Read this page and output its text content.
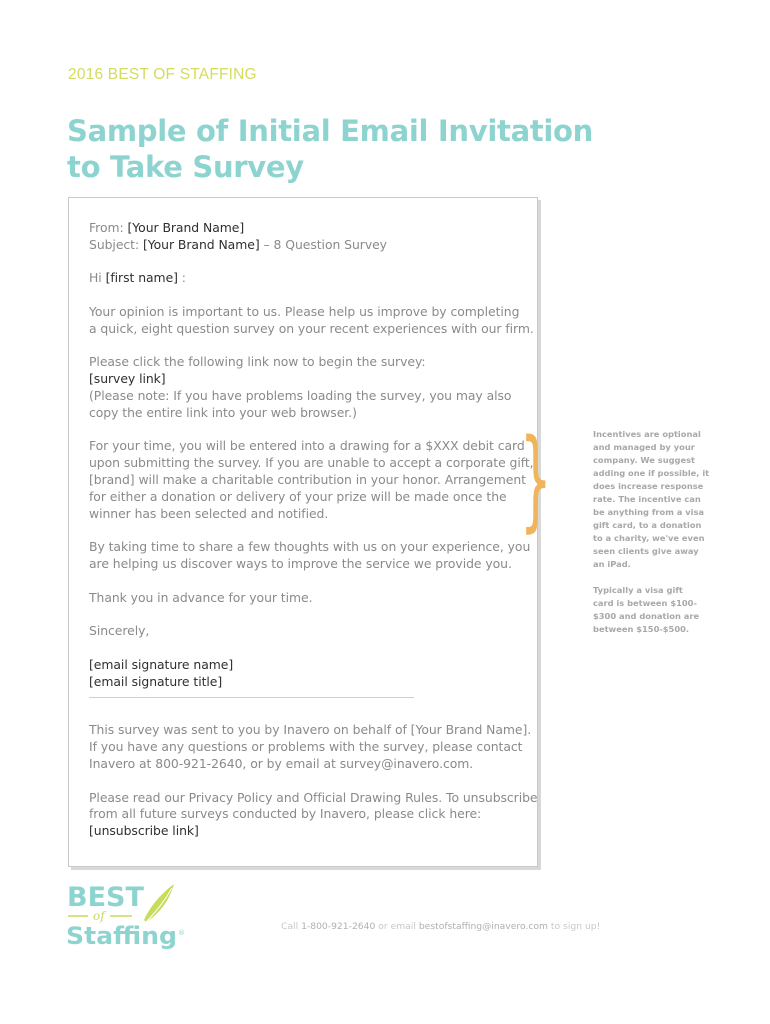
2016 BEST OF STAFFING
Sample of Initial Email Invitation
to Take Survey
From: [Your Brand Name]
Subject: [Your Brand Name] – 8 Question Survey
Hi [first name] :
Your opinion is important to us. Please help us improve by completing
a quick, eight question survey on your recent experiences with our firm.
Please click the following link now to begin the survey:
[survey link]
(Please note: If you have problems loading the survey, you may also
copy the entire link into your web browser.)
For your time, you will be entered into a drawing for a $XXX debit card
upon submitting the survey. If you are unable to accept a corporate gift,
[brand] will make a charitable contribution in your honor. Arrangement
for either a donation or delivery of your prize will be made once the
winner has been selected and notified.
By taking time to share a few thoughts with us on your experience, you
are helping us discover ways to improve the service we provide you.
Thank you in advance for your time.
Sincerely,
[email signature name]
[email signature title]
This survey was sent to you by Inavero on behalf of [Your Brand Name].
If you have any questions or problems with the survey, please contact
Inavero at 800-921-2640, or by email at survey@inavero.com.
Please read our Privacy Policy and Official Drawing Rules. To unsubscribe
from all future surveys conducted by Inavero, please click here:
[unsubscribe link]
}	Incentives are optional
and managed by your
company. We suggest
adding one if possible, it
does increase response
rate. The incentive can
be anything from a visa
gift card, to a donation
to a charity, we've even
seen clients give away
an iPad.
Typically a visa gift
card is between $100-
$300 and donation are
between $150-$500.
BEST
of
Staffing ®
Call 1-800-921-2640 or email bestofstaffing@inavero.com to sign up!
